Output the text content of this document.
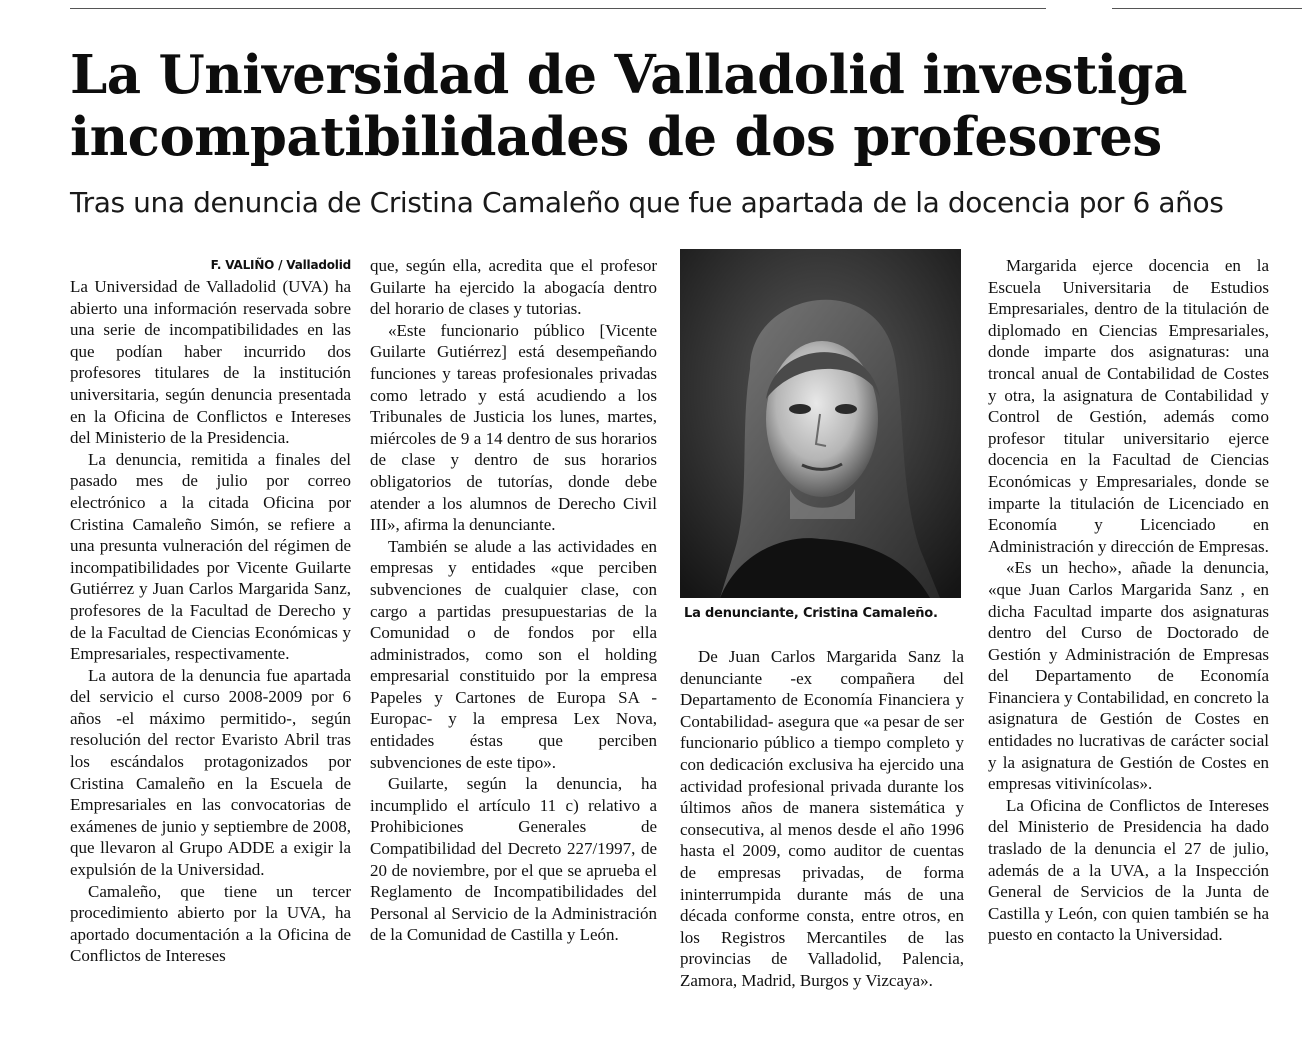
La Universidad de Valladolid investiga
incompatibilidades de dos profesores
Tras una denuncia de Cristina Camaleño que fue apartada de la docencia por 6 años
F. VALIÑO / Valladolid

La Universidad de Valladolid (UVA) ha abierto una información reservada sobre una serie de incompatibilidades en las que podían haber incurrido dos profesores titulares de la institución universitaria, según denuncia presentada en la Oficina de Conflictos e Intereses del Ministerio de la Presidencia.

La denuncia, remitida a finales del pasado mes de julio por correo electrónico a la citada Oficina por Cristina Camaleño Simón, se refiere a una presunta vulneración del régimen de incompatibilidades por Vicente Guilarte Gutiérrez y Juan Carlos Margarida Sanz, profesores de la Facultad de Derecho y de la Facultad de Ciencias Económicas y Empresariales, respectivamente.

La autora de la denuncia fue apartada del servicio el curso 2008-2009 por 6 años -el máximo permitido-, según resolución del rector Evaristo Abril tras los escándalos protagonizados por Cristina Camaleño en la Escuela de Empresariales en las convocatorias de exámenes de junio y septiembre de 2008, que llevaron al Grupo ADDE a exigir la expulsión de la Universidad.

Camaleño, que tiene un tercer procedimiento abierto por la UVA, ha aportado documentación a la Oficina de Conflictos de Intereses

que, según ella, acredita que el profesor Guilarte ha ejercido la abogacía dentro del horario de clases y tutorias.

«Este funcionario público [Vicente Guilarte Gutiérrez] está desempeñando funciones y tareas profesionales privadas como letrado y está acudiendo a los Tribunales de Justicia los lunes, martes, miércoles de 9 a 14 dentro de sus horarios de clase y dentro de sus horarios obligatorios de tutorías, donde debe atender a los alumnos de Derecho Civil III», afirma la denunciante.

También se alude a las actividades en empresas y entidades «que perciben subvenciones de cualquier clase, con cargo a partidas presupuestarias de la Comunidad o de fondos por ella administrados, como son el holding empresarial constituido por la empresa Papeles y Cartones de Europa SA -Europac- y la empresa Lex Nova, entidades éstas que perciben subvenciones de este tipo».

Guilarte, según la denuncia, ha incumplido el artículo 11 c) relativo a Prohibiciones Generales de Compatibilidad del Decreto 227/1997, de 20 de noviembre, por el que se aprueba el Reglamento de Incompatibilidades del Personal al Servicio de la Administración de la Comunidad de Castilla y León.

La denunciante, Cristina Camaleño.

De Juan Carlos Margarida Sanz la denunciante -ex compañera del Departamento de Economía Financiera y Contabilidad- asegura que «a pesar de ser funcionario público a tiempo completo y con dedicación exclusiva ha ejercido una actividad profesional privada durante los últimos años de manera sistemática y consecutiva, al menos desde el año 1996 hasta el 2009, como auditor de cuentas de empresas privadas, de forma ininterrumpida durante más de una década conforme consta, entre otros, en los Registros Mercantiles de las provincias de Valladolid, Palencia, Zamora, Madrid, Burgos y Vizcaya».

Margarida ejerce docencia en la Escuela Universitaria de Estudios Empresariales, dentro de la titulación de diplomado en Ciencias Empresariales, donde imparte dos asignaturas: una troncal anual de Contabilidad de Costes y otra, la asignatura de Contabilidad y Control de Gestión, además como profesor titular universitario ejerce docencia en la Facultad de Ciencias Económicas y Empresariales, donde se imparte la titulación de Licenciado en Economía y Licenciado en Administración y dirección de Empresas.

«Es un hecho», añade la denuncia, «que Juan Carlos Margarida Sanz , en dicha Facultad imparte dos asignaturas dentro del Curso de Doctorado de Gestión y Administración de Empresas del Departamento de Economía Financiera y Contabilidad, en concreto la asignatura de Gestión de Costes en entidades no lucrativas de carácter social y la asignatura de Gestión de Costes en empresas vitivinícolas».

La Oficina de Conflictos de Intereses del Ministerio de Presidencia ha dado traslado de la denuncia el 27 de julio, además de a la UVA, a la Inspección General de Servicios de la Junta de Castilla y León, con quien también se ha puesto en contacto la Universidad.
